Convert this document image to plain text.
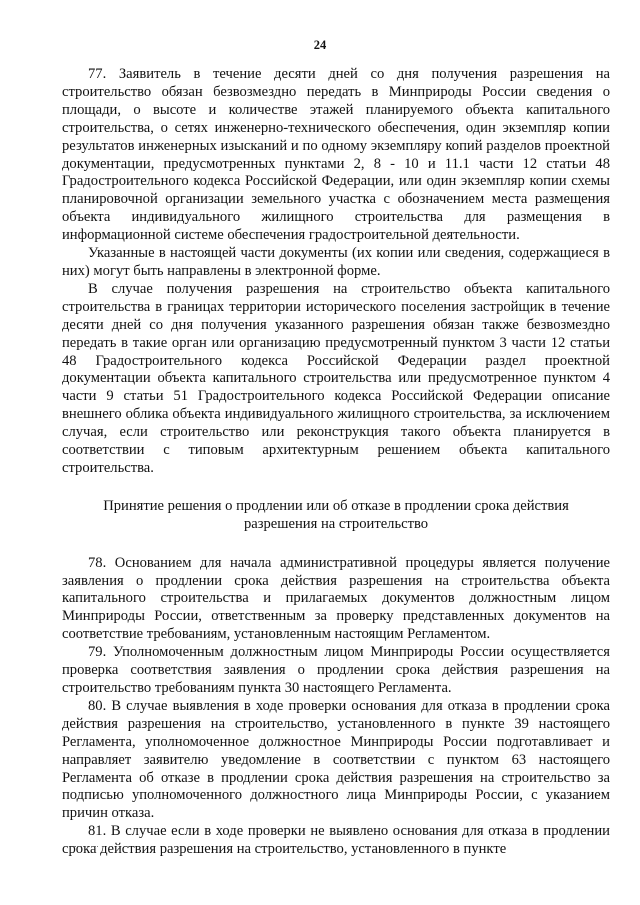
24

77. Заявитель в течение десяти дней со дня получения разрешения на строительство обязан безвозмездно передать в Минприроды России сведения о площади, о высоте и количестве этажей планируемого объекта капитального строительства, о сетях инженерно-технического обеспечения, один экземпляр копии результатов инженерных изысканий и по одному экземпляру копий разделов проектной документации, предусмотренных пунктами 2, 8 - 10 и 11.1 части 12 статьи 48 Градостроительного кодекса Российской Федерации, или один экземпляр копии схемы планировочной организации земельного участка с обозначением места размещения объекта индивидуального жилищного строительства для размещения в информационной системе обеспечения градостроительной деятельности.

Указанные в настоящей части документы (их копии или сведения, содержащиеся в них) могут быть направлены в электронной форме.

В случае получения разрешения на строительство объекта капитального строительства в границах территории исторического поселения застройщик в течение десяти дней со дня получения указанного разрешения обязан также безвозмездно передать в такие орган или организацию предусмотренный пунктом 3 части 12 статьи 48 Градостроительного кодекса Российской Федерации раздел проектной документации объекта капитального строительства или предусмотренное пунктом 4 части 9 статьи 51 Градостроительного кодекса Российской Федерации описание внешнего облика объекта индивидуального жилищного строительства, за исключением случая, если строительство или реконструкция такого объекта планируется в соответствии с типовым архитектурным решением объекта капитального строительства.

Принятие решения о продлении или об отказе в продлении срока действия
разрешения на строительство

78. Основанием для начала административной процедуры является получение заявления о продлении срока действия разрешения на строительства объекта капитального строительства и прилагаемых документов должностным лицом Минприроды России, ответственным за проверку представленных документов на соответствие требованиям, установленным настоящим Регламентом.

79. Уполномоченным должностным лицом Минприроды России осуществляется проверка соответствия заявления о продлении срока действия разрешения на строительство требованиям пункта 30 настоящего Регламента.

80. В случае выявления в ходе проверки основания для отказа в продлении срока действия разрешения на строительство, установленного в пункте 39 настоящего Регламента, уполномоченное должностное Минприроды России подготавливает и направляет заявителю уведомление в соответствии с пунктом 63 настоящего Регламента об отказе в продлении срока действия разрешения на строительство за подписью уполномоченного должностного лица Минприроды России, с указанием причин отказа.

81. В случае если в ходе проверки не выявлено основания для отказа в продлении срока действия разрешения на строительство, установленного в пункте
